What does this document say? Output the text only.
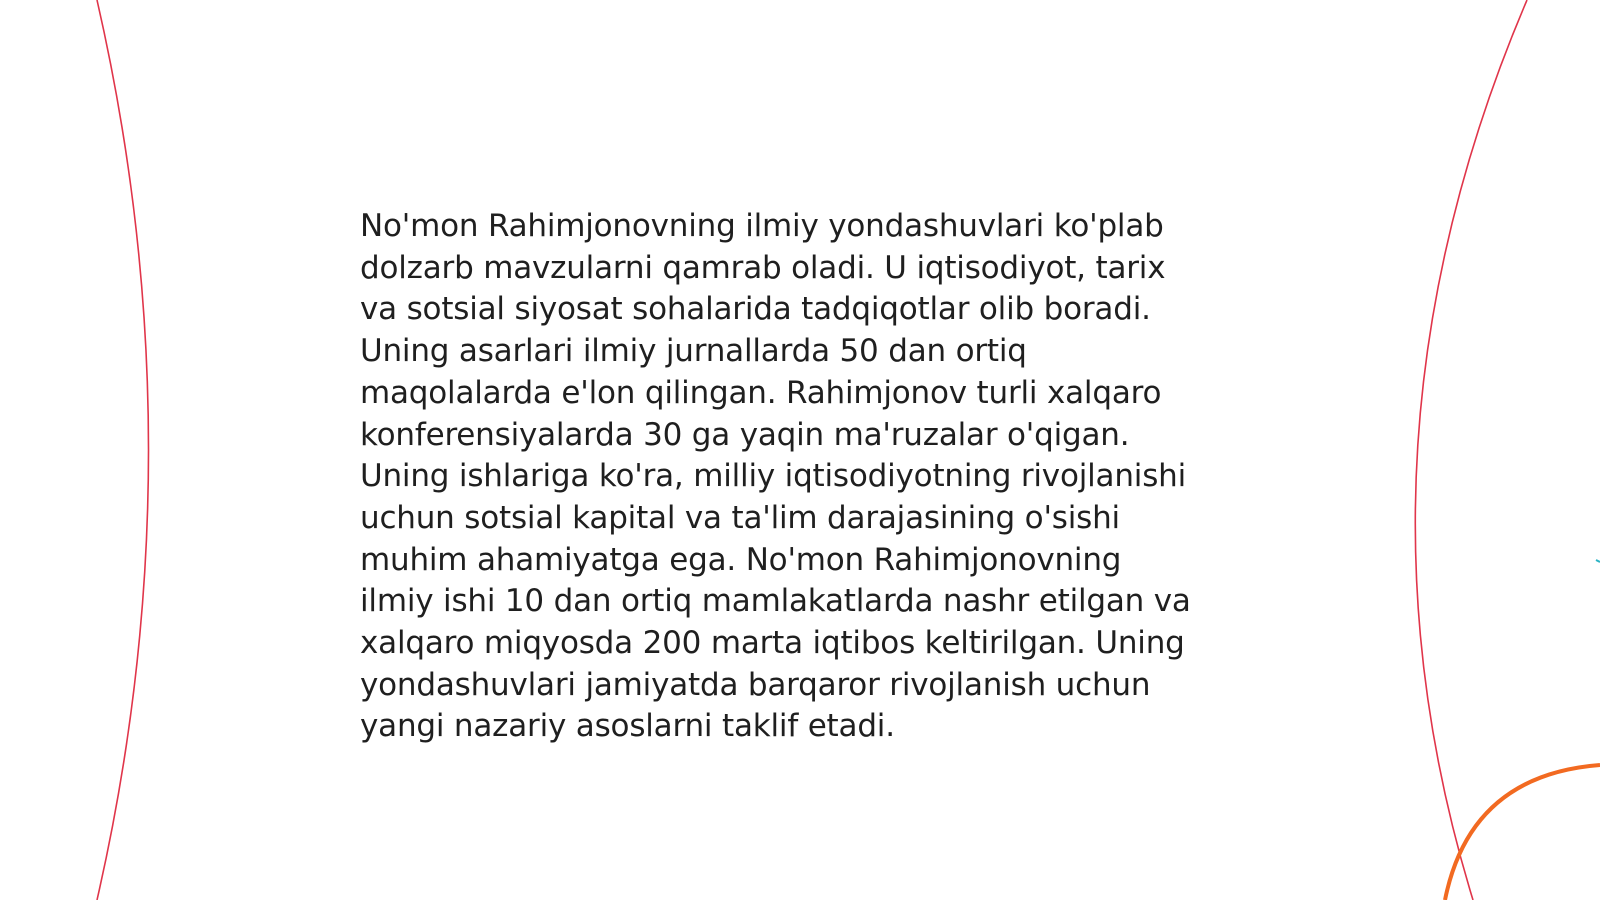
No'mon Rahimjonovning ilmiy yondashuvlari ko'plab
dolzarb mavzularni qamrab oladi. U iqtisodiyot, tarix
va sotsial siyosat sohalarida tadqiqotlar olib boradi.
Uning asarlari ilmiy jurnallarda 50 dan ortiq
maqolalarda e'lon qilingan. Rahimjonov turli xalqaro
konferensiyalarda 30 ga yaqin ma'ruzalar o'qigan.
Uning ishlariga ko'ra, milliy iqtisodiyotning rivojlanishi
uchun sotsial kapital va ta'lim darajasining o'sishi
muhim ahamiyatga ega. No'mon Rahimjonovning
ilmiy ishi 10 dan ortiq mamlakatlarda nashr etilgan va
xalqaro miqyosda 200 marta iqtibos keltirilgan. Uning
yondashuvlari jamiyatda barqaror rivojlanish uchun
yangi nazariy asoslarni taklif etadi.
